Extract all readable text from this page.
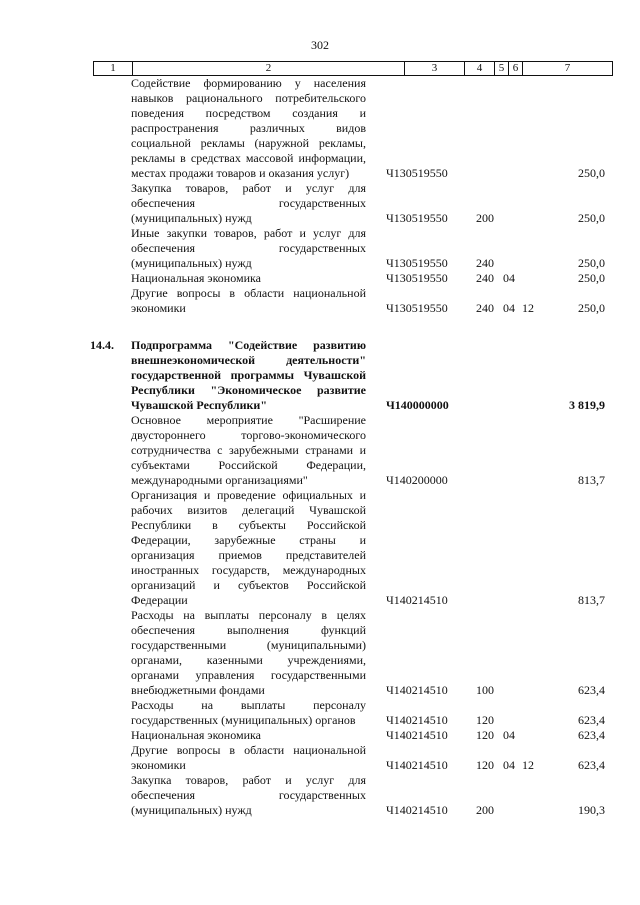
302
1	2	3	4	5 6	7
Содействие формированию у населения навыков рационального потребительского поведения посредством создания и распространения различных видов социальной рекламы (наружной рекламы, рекламы в средствах массовой информации, местах продажи товаров и оказания услуг)	Ч130519550	250,0
Закупка товаров, работ и услуг для обеспечения государственных (муниципальных) нужд	Ч130519550 200	250,0
Иные закупки товаров, работ и услуг для обеспечения государственных (муниципальных) нужд	Ч130519550 240	250,0
Национальная экономика	Ч130519550 240 04	250,0
Другие вопросы в области национальной экономики	Ч130519550 240 04 12	250,0
14.4.	Подпрограмма "Содействие развитию внешнеэкономической деятельности" государственной программы Чувашской Республики "Экономическое развитие Чувашской Республики"	Ч140000000	3 819,9
Основное мероприятие "Расширение двустороннего торгово-экономического сотрудничества с зарубежными странами и субъектами Российской Федерации, международными организациями"	Ч140200000	813,7
Организация и проведение официальных и рабочих визитов делегаций Чувашской Республики в субъекты Российской Федерации, зарубежные страны и организация приемов представителей иностранных государств, международных организаций и субъектов Российской Федерации	Ч140214510	813,7
Расходы на выплаты персоналу в целях обеспечения выполнения функций государственными (муниципальными) органами, казенными учреждениями, органами управления государственными внебюджетными фондами	Ч140214510 100	623,4
Расходы на выплаты персоналу государственных (муниципальных) органов	Ч140214510 120	623,4
Национальная экономика	Ч140214510 120 04	623,4
Другие вопросы в области национальной экономики	Ч140214510 120 04 12	623,4
Закупка товаров, работ и услуг для обеспечения государственных (муниципальных) нужд	Ч140214510 200	190,3
